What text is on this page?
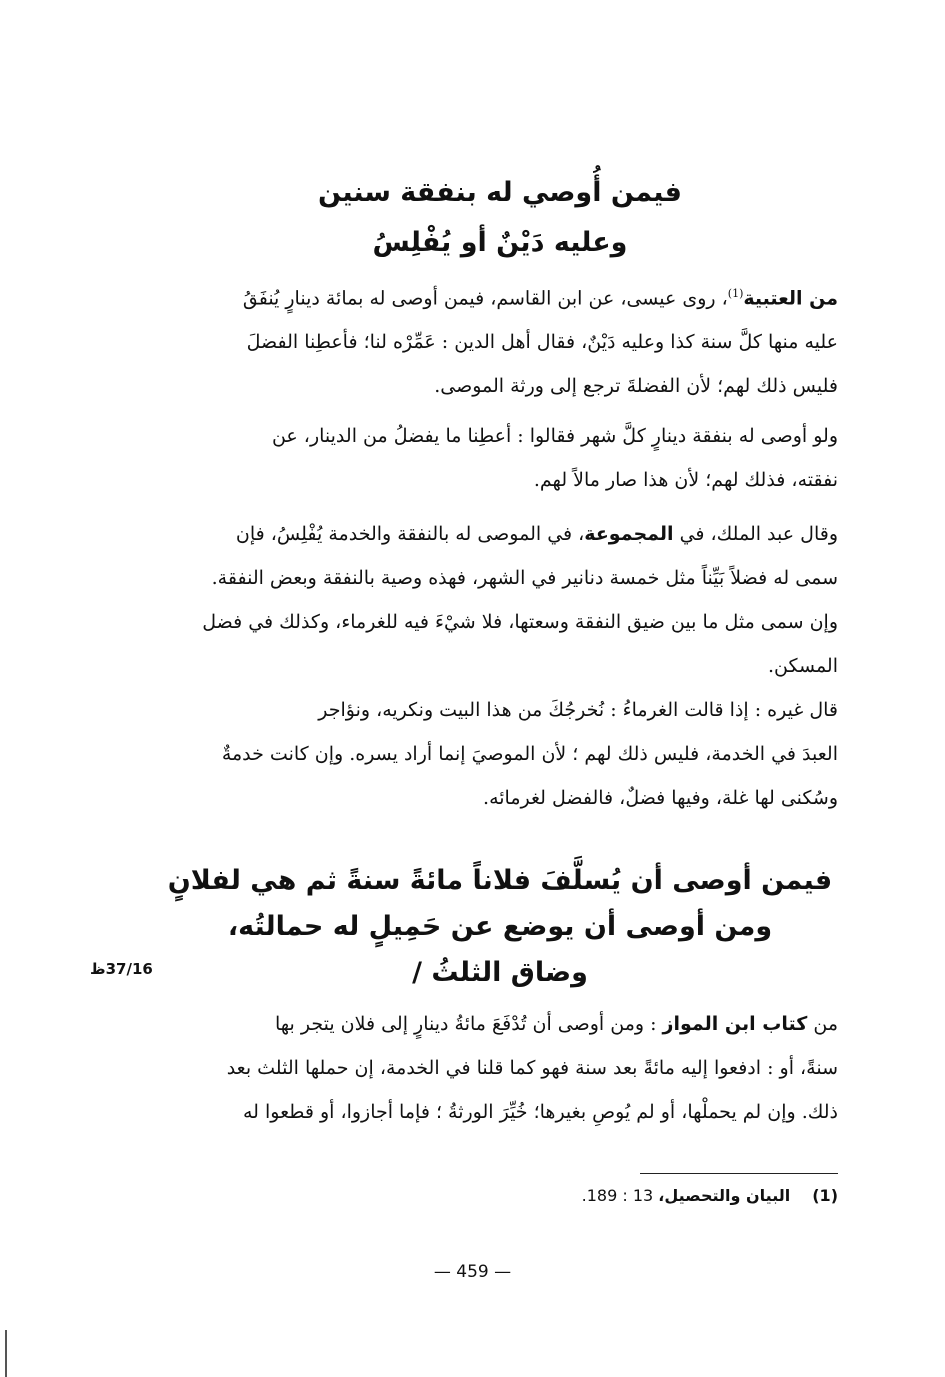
فيمن أُوصي له بنفقة سنين
وعليه دَيْنٌ أو يُفْلِسُ
من العتبية$^{(1)}$، روى عيسى، عن ابن القاسم، فيمن أوصى له بمائة دينارٍ يُنفَقُ
عليه منها كلَّ سنة كذا وعليه دَيْنٌ، فقال أهل الدين : عَمِّرْه لنا؛ فأعطِنا الفضلَ
فليس ذلك لهم؛ لأن الفضلةَ ترجع إلى ورثة الموصى.
ولو أوصى له بنفقة دينارٍ كلَّ شهر فقالوا : أعطِنا ما يفضلُ من الدينار، عن
نفقته، فذلك لهم؛ لأن هذا صار مالاً لهم.
وقال عبد الملك، في المجموعة، في الموصى له بالنفقة والخدمة يُفْلِسُ، فإن
سمى له فضلاً بَيِّناً مثل خمسة دنانير في الشهر، فهذه وصية بالنفقة وبعض النفقة.
وإن سمى مثل ما بين ضيق النفقة وسعتها، فلا شيْءَ فيه للغرماء، وكذلك في فضل
المسكن.
قال غيره : إذا قالت الغرماءُ : نُخرجُكَ من هذا البيت ونكريه، ونؤاجر
العبدَ في الخدمة، فليس ذلك لهم ؛ لأن الموصيَ إنما أراد يسره. وإن كانت خدمةٌ
وسُكنى لها غلة، وفيها فضلٌ، فالفضل لغرمائه.
فيمن أوصى أن يُسلَّفَ فلاناً مائةً سنةً ثم هي لفلانٍ
ومن أوصى أن يوضع عن حَمِيلٍ له حمالتُه،
وضاق الثلثُ /
37/16ظ
من كتاب ابن المواز : ومن أوصى أن تُدْفَعَ مائةُ دينارٍ إلى فلان يتجر بها
سنةً، أو : ادفعوا إليه مائةً بعد سنة فهو كما قلنا في الخدمة، إن حملها الثلث بعد
ذلك. وإن لم يحملْها، أو لم يُوصِ بغيرها؛ خُيِّرَ الورثةُ ؛ فإما أجازوا، أو قطعوا له
(1)البيان والتحصيل، 13 : 189.
— 459 —
